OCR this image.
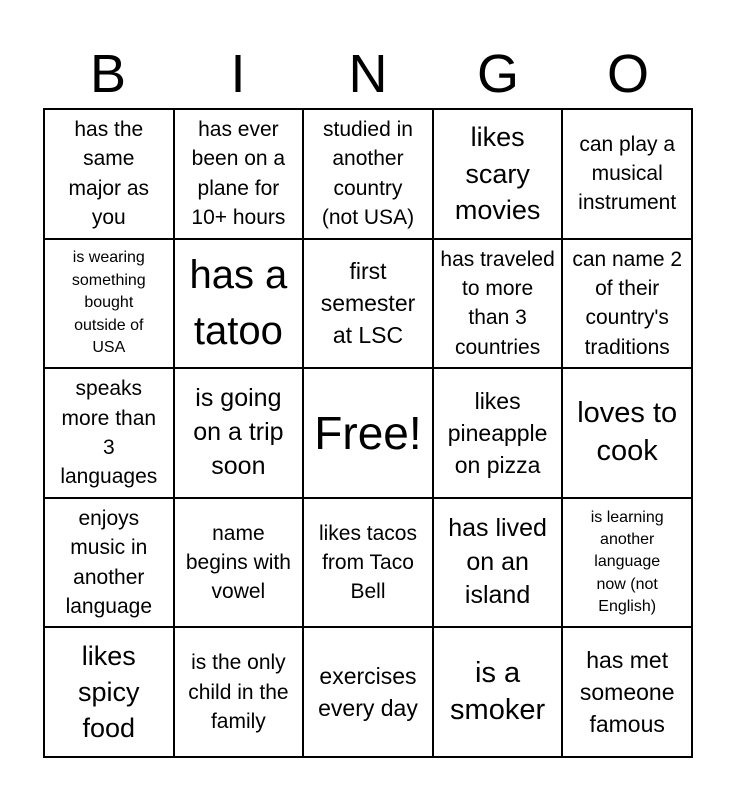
B	I	N	G	O
has the same major as you
has ever been on a plane for 10+ hours
studied in another country (not USA)
likes scary movies
can play a musical instrument
is wearing something bought outside of USA
has a tatoo
first semester at LSC
has traveled to more than 3 countries
can name 2 of their country's traditions
speaks more than 3 languages
is going on a trip soon
Free!
likes pineapple on pizza
loves to cook
enjoys music in another language
name begins with vowel
likes tacos from Taco Bell
has lived on an island
is learning another language now (not English)
likes spicy food
is the only child in the family
exercises every day
is a smoker
has met someone famous
